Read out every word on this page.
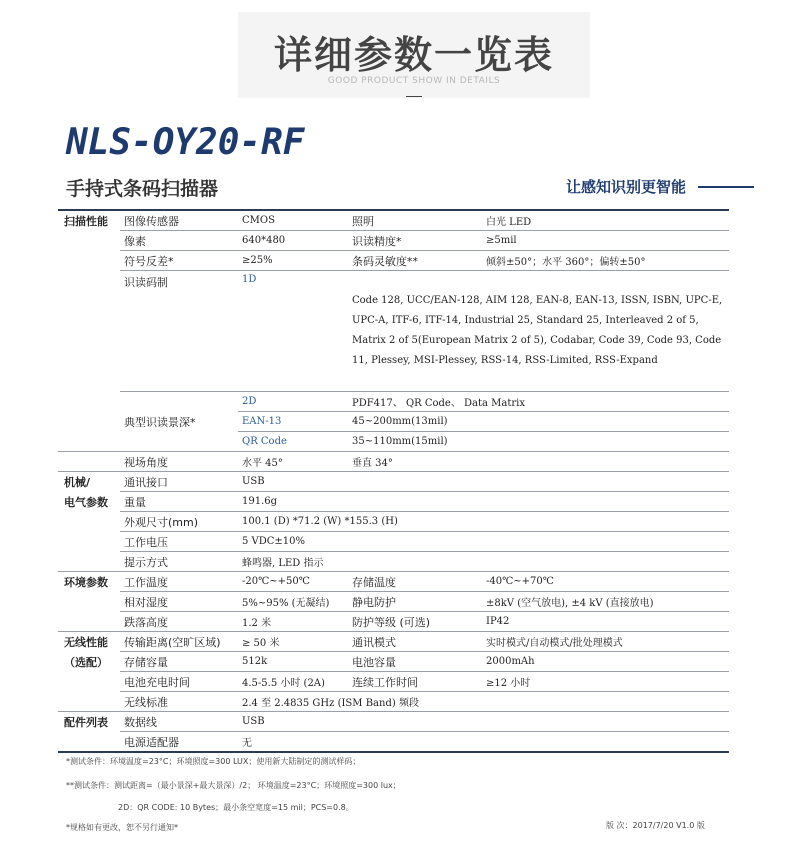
详细参数一览表
GOOD PRODUCT SHOW IN DETAILS
NLS-OY20-RF
手持式条码扫描器	让感知识别更智能
扫描性能	图像传感器	CMOS	照明	白光 LED
	像素	640*480	识读精度*	≥5mil
	符号反差*	≥25%	条码灵敏度**	倾斜±50°；水平 360°；偏转±50°
	识读码制	1D	Code 128, UCC/EAN-128, AIM 128, EAN-8, EAN-13, ISSN, ISBN, UPC-E, UPC-A, ITF-6, ITF-14, Industrial 25, Standard 25, Interleaved 2 of 5, Matrix 2 of 5(European Matrix 2 of 5), Codabar, Code 39, Code 93, Code 11, Plessey, MSI-Plessey, RSS-14, RSS-Limited, RSS-Expand	
		2D	PDF417、 QR Code、 Data Matrix	
	典型识读景深*	EAN-13	45~200mm(13mil)	
		QR Code	35~110mm(15mil)	
	视场角度	水平 45°	垂直 34°	
机械/	通讯接口	USB		
电气参数	重量	191.6g		
	外观尺寸(mm)	100.1 (D) *71.2 (W) *155.3 (H)		
	工作电压	5 VDC±10%		
	提示方式	蜂鸣器, LED 指示		
环境参数	工作温度	-20℃~+50℃	存储温度	-40℃~+70℃
	相对湿度	5%~95% (无凝结)	静电防护	±8kV (空气放电), ±4 kV (直接放电)
	跌落高度	1.2 米	防护等级 (可选)	IP42
无线性能	传输距离(空旷区域)	≥ 50 米	通讯模式	实时模式/自动模式/批处理模式
（选配）	存储容量	512k	电池容量	2000mAh
	电池充电时间	4.5-5.5 小时 (2A)	连续工作时间	≥12 小时
	无线标准	2.4 至 2.4835 GHz (ISM Band) 频段		
配件列表	数据线	USB		
	电源适配器	无		
*测试条件：环境温度=23°C；环境照度=300 LUX；使用新大陆制定的测试样码；
**测试条件：测试距离=（最小景深+最大景深）/2； 环境温度=23°C；环境照度=300 lux；
2D：QR CODE: 10 Bytes；最小条空宽度=15 mil；PCS=0.8。
*规格如有更改，恕不另行通知*	版 次：2017/7/20 V1.0 版
